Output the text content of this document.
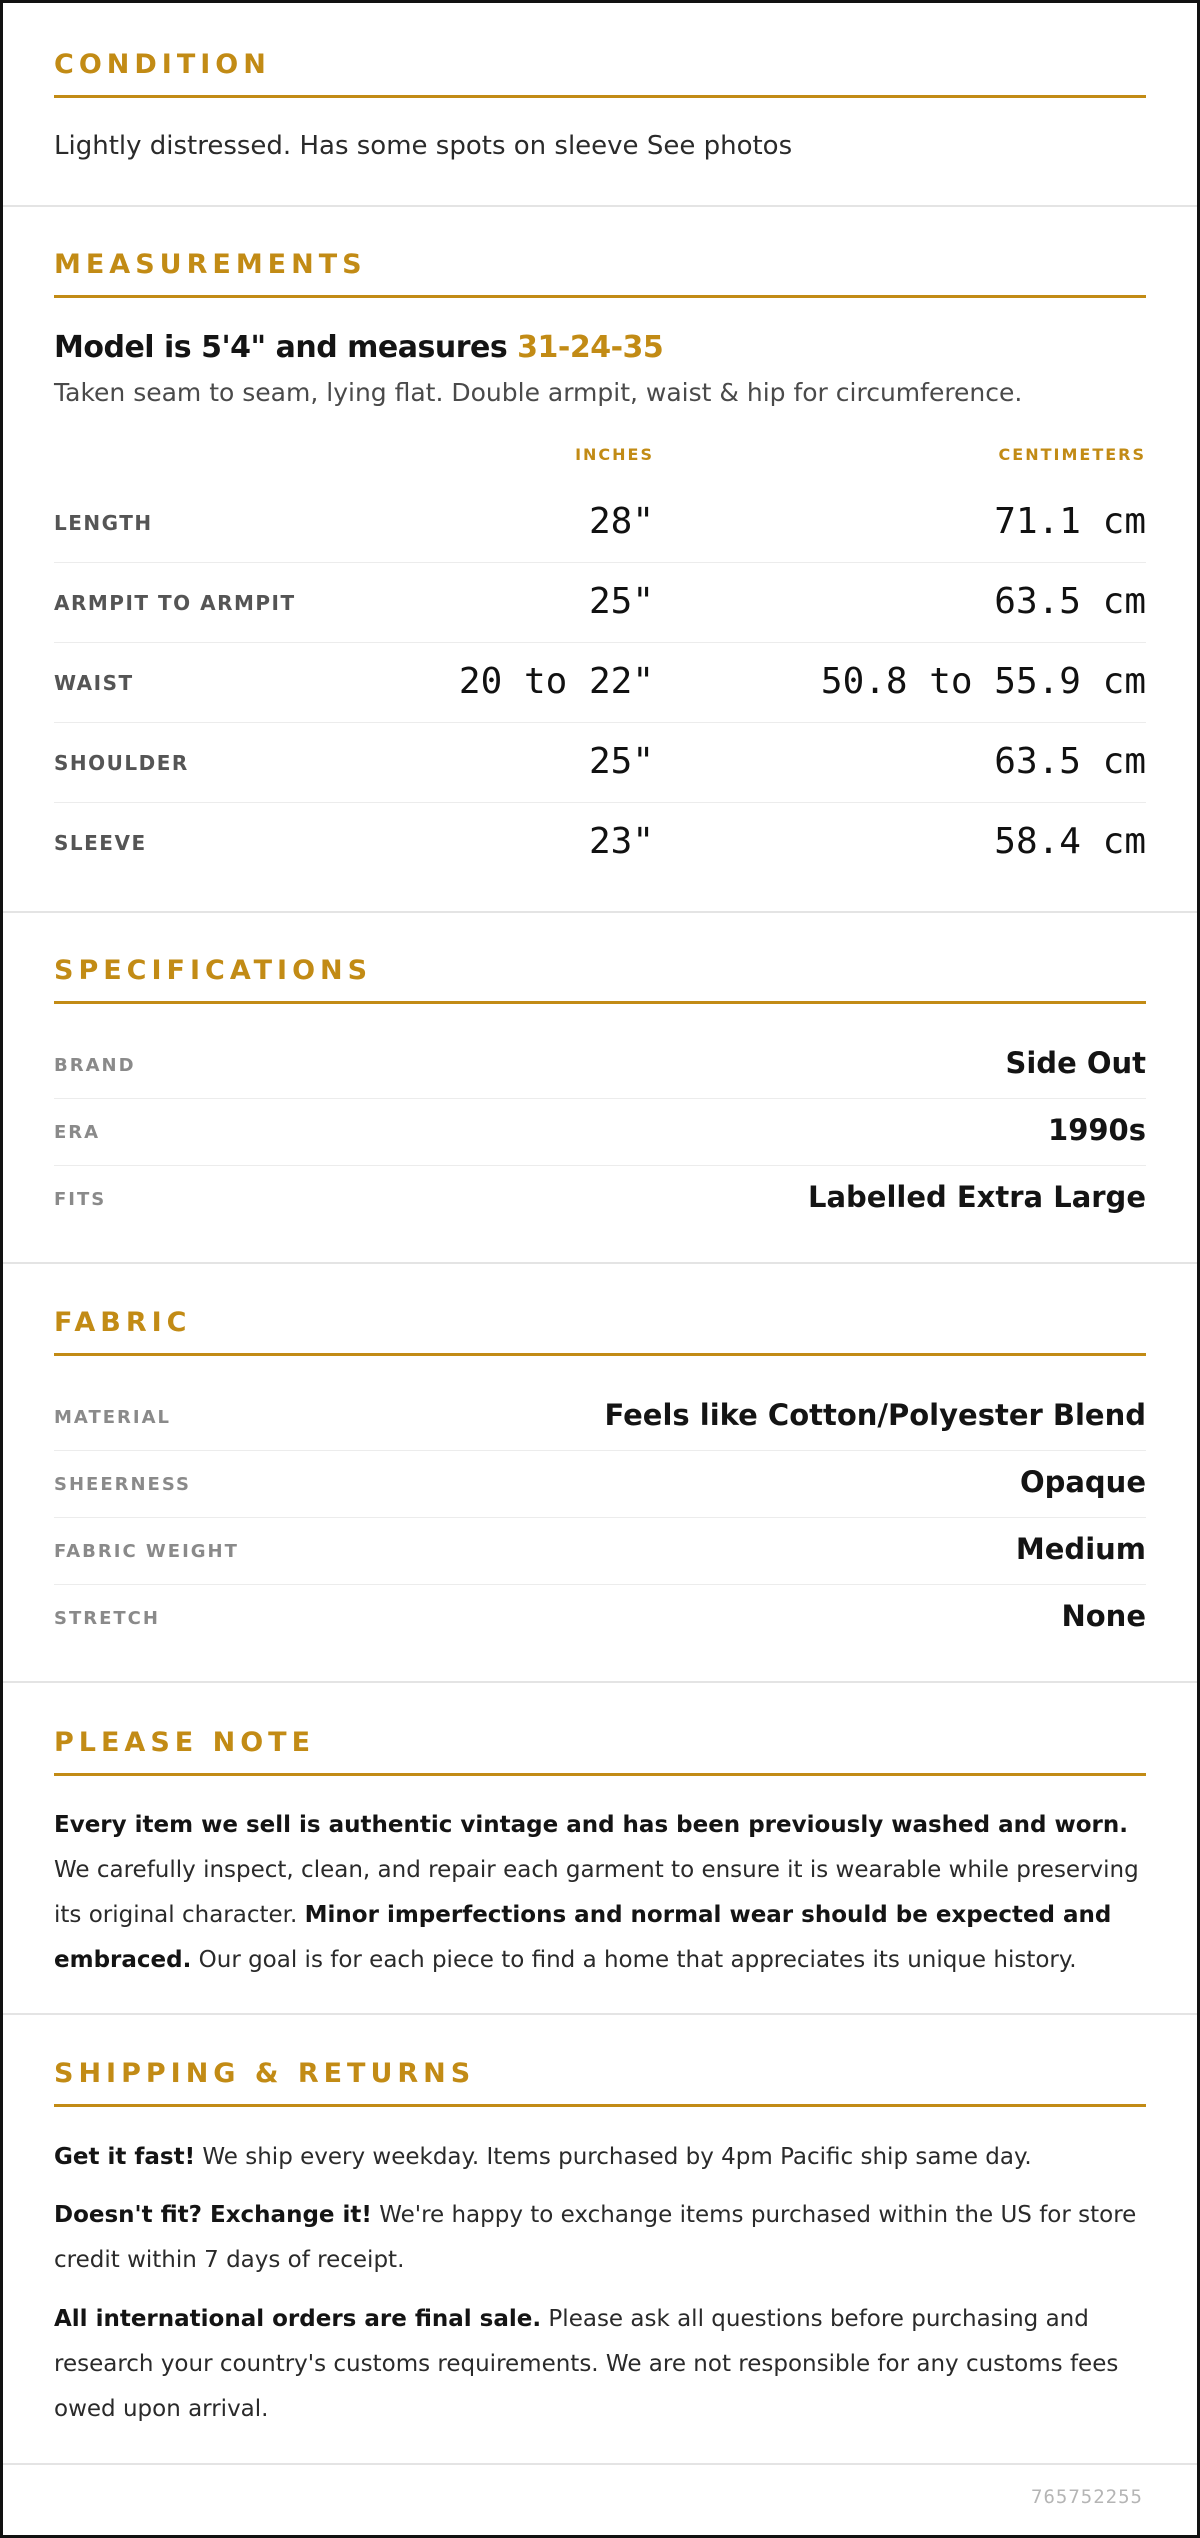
CONDITION
Lightly distressed. Has some spots on sleeve See photos
MEASUREMENTS
Model is 5'4" and measures 31-24-35
Taken seam to seam, lying flat. Double armpit, waist & hip for circumference.
INCHES	CENTIMETERS
LENGTH	28"	71.1 cm
ARMPIT TO ARMPIT	25"	63.5 cm
WAIST	20 to 22"	50.8 to 55.9 cm
SHOULDER	25"	63.5 cm
SLEEVE	23"	58.4 cm
SPECIFICATIONS
BRAND	Side Out
ERA	1990s
FITS	Labelled Extra Large
FABRIC
MATERIAL	Feels like Cotton/Polyester Blend
SHEERNESS	Opaque
FABRIC WEIGHT	Medium
STRETCH	None
PLEASE NOTE
Every item we sell is authentic vintage and has been previously washed and worn. We carefully inspect, clean, and repair each garment to ensure it is wearable while preserving its original character. Minor imperfections and normal wear should be expected and embraced. Our goal is for each piece to find a home that appreciates its unique history.
SHIPPING & RETURNS
Get it fast! We ship every weekday. Items purchased by 4pm Pacific ship same day.
Doesn't fit? Exchange it! We're happy to exchange items purchased within the US for store credit within 7 days of receipt.
All international orders are final sale. Please ask all questions before purchasing and research your country's customs requirements. We are not responsible for any customs fees owed upon arrival.
765752255
